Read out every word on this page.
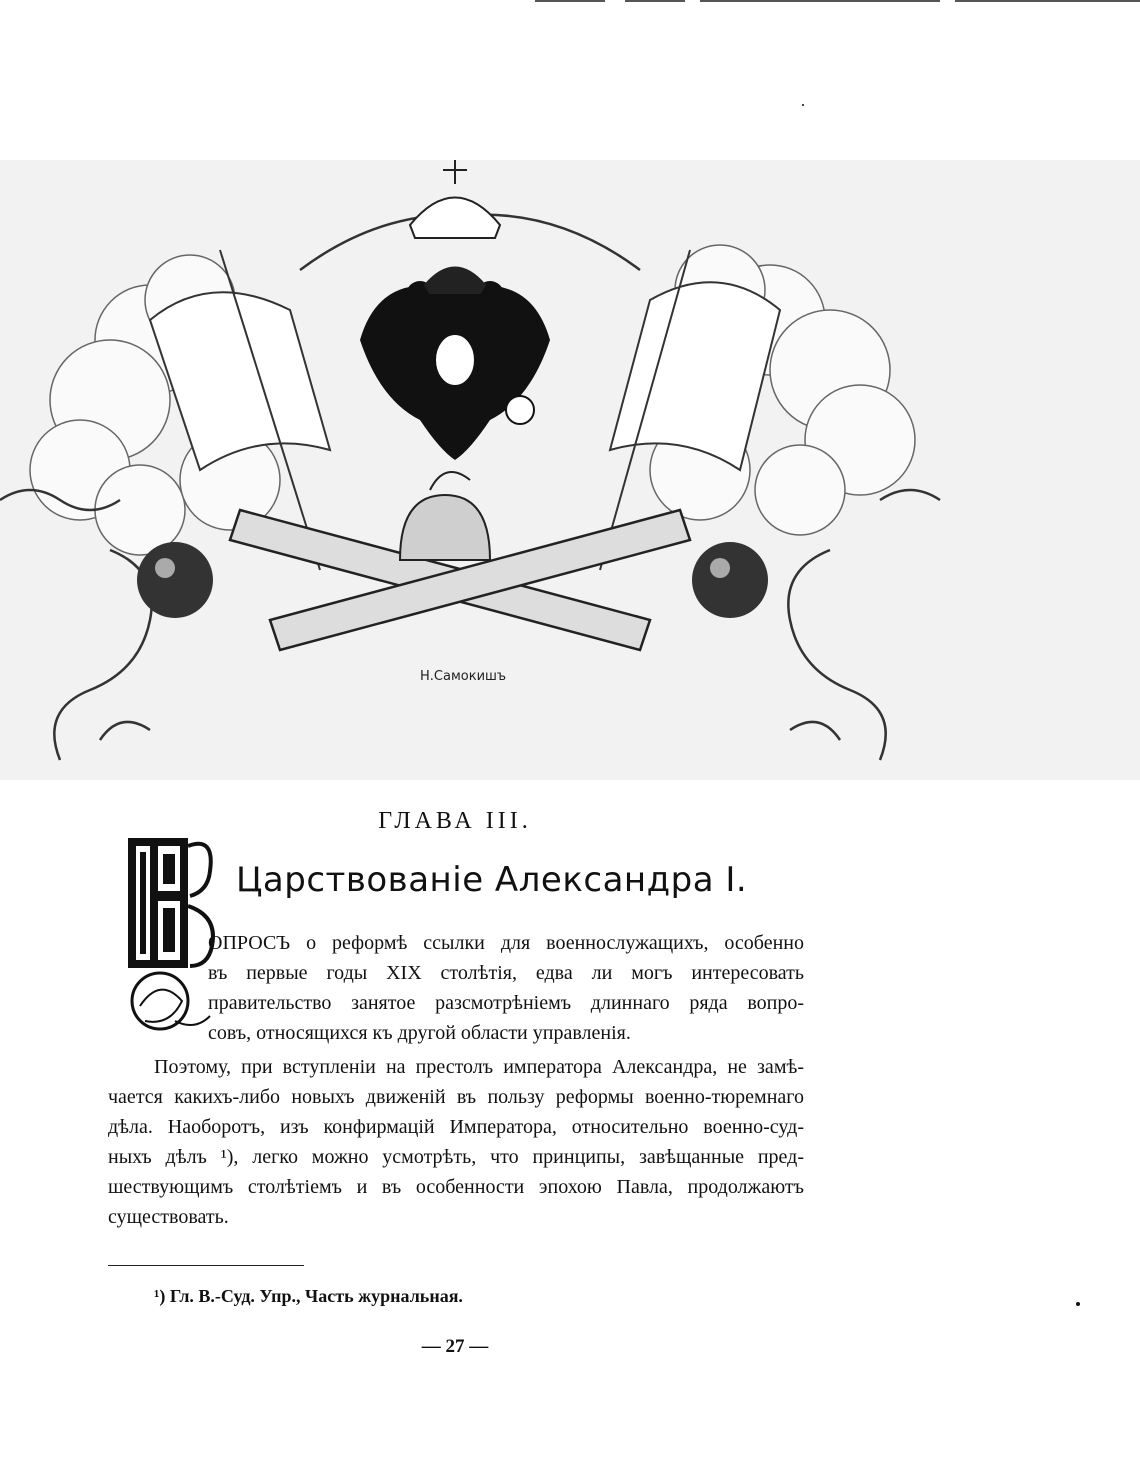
Н.Самокишъ
ГЛАВА III.
Царствованіе Александра I.

ОПРОСЪ о реформѣ ссылки для военнослужащихъ, особенно
въ первые годы XIX столѣтія, едва ли могъ интересовать
правительство занятое разсмотрѣніемъ длиннаго ряда вопро-
совъ, относящихся къ другой области управленія.

Поэтому, при вступленіи на престолъ императора Александра, не замѣ-
чается какихъ-либо новыхъ движеній въ пользу реформы военно-тюремнаго
дѣла. Наоборотъ, изъ конфирмацій Императора, относительно военно-суд-
ныхъ дѣлъ ¹), легко можно усмотрѣть, что принципы, завѣщанные пред-
шествующимъ столѣтіемъ и въ особенности эпохою Павла, продолжаютъ
существовать.

¹) Гл. В.-Суд. Упр., Часть журнальная.
— 27 —
